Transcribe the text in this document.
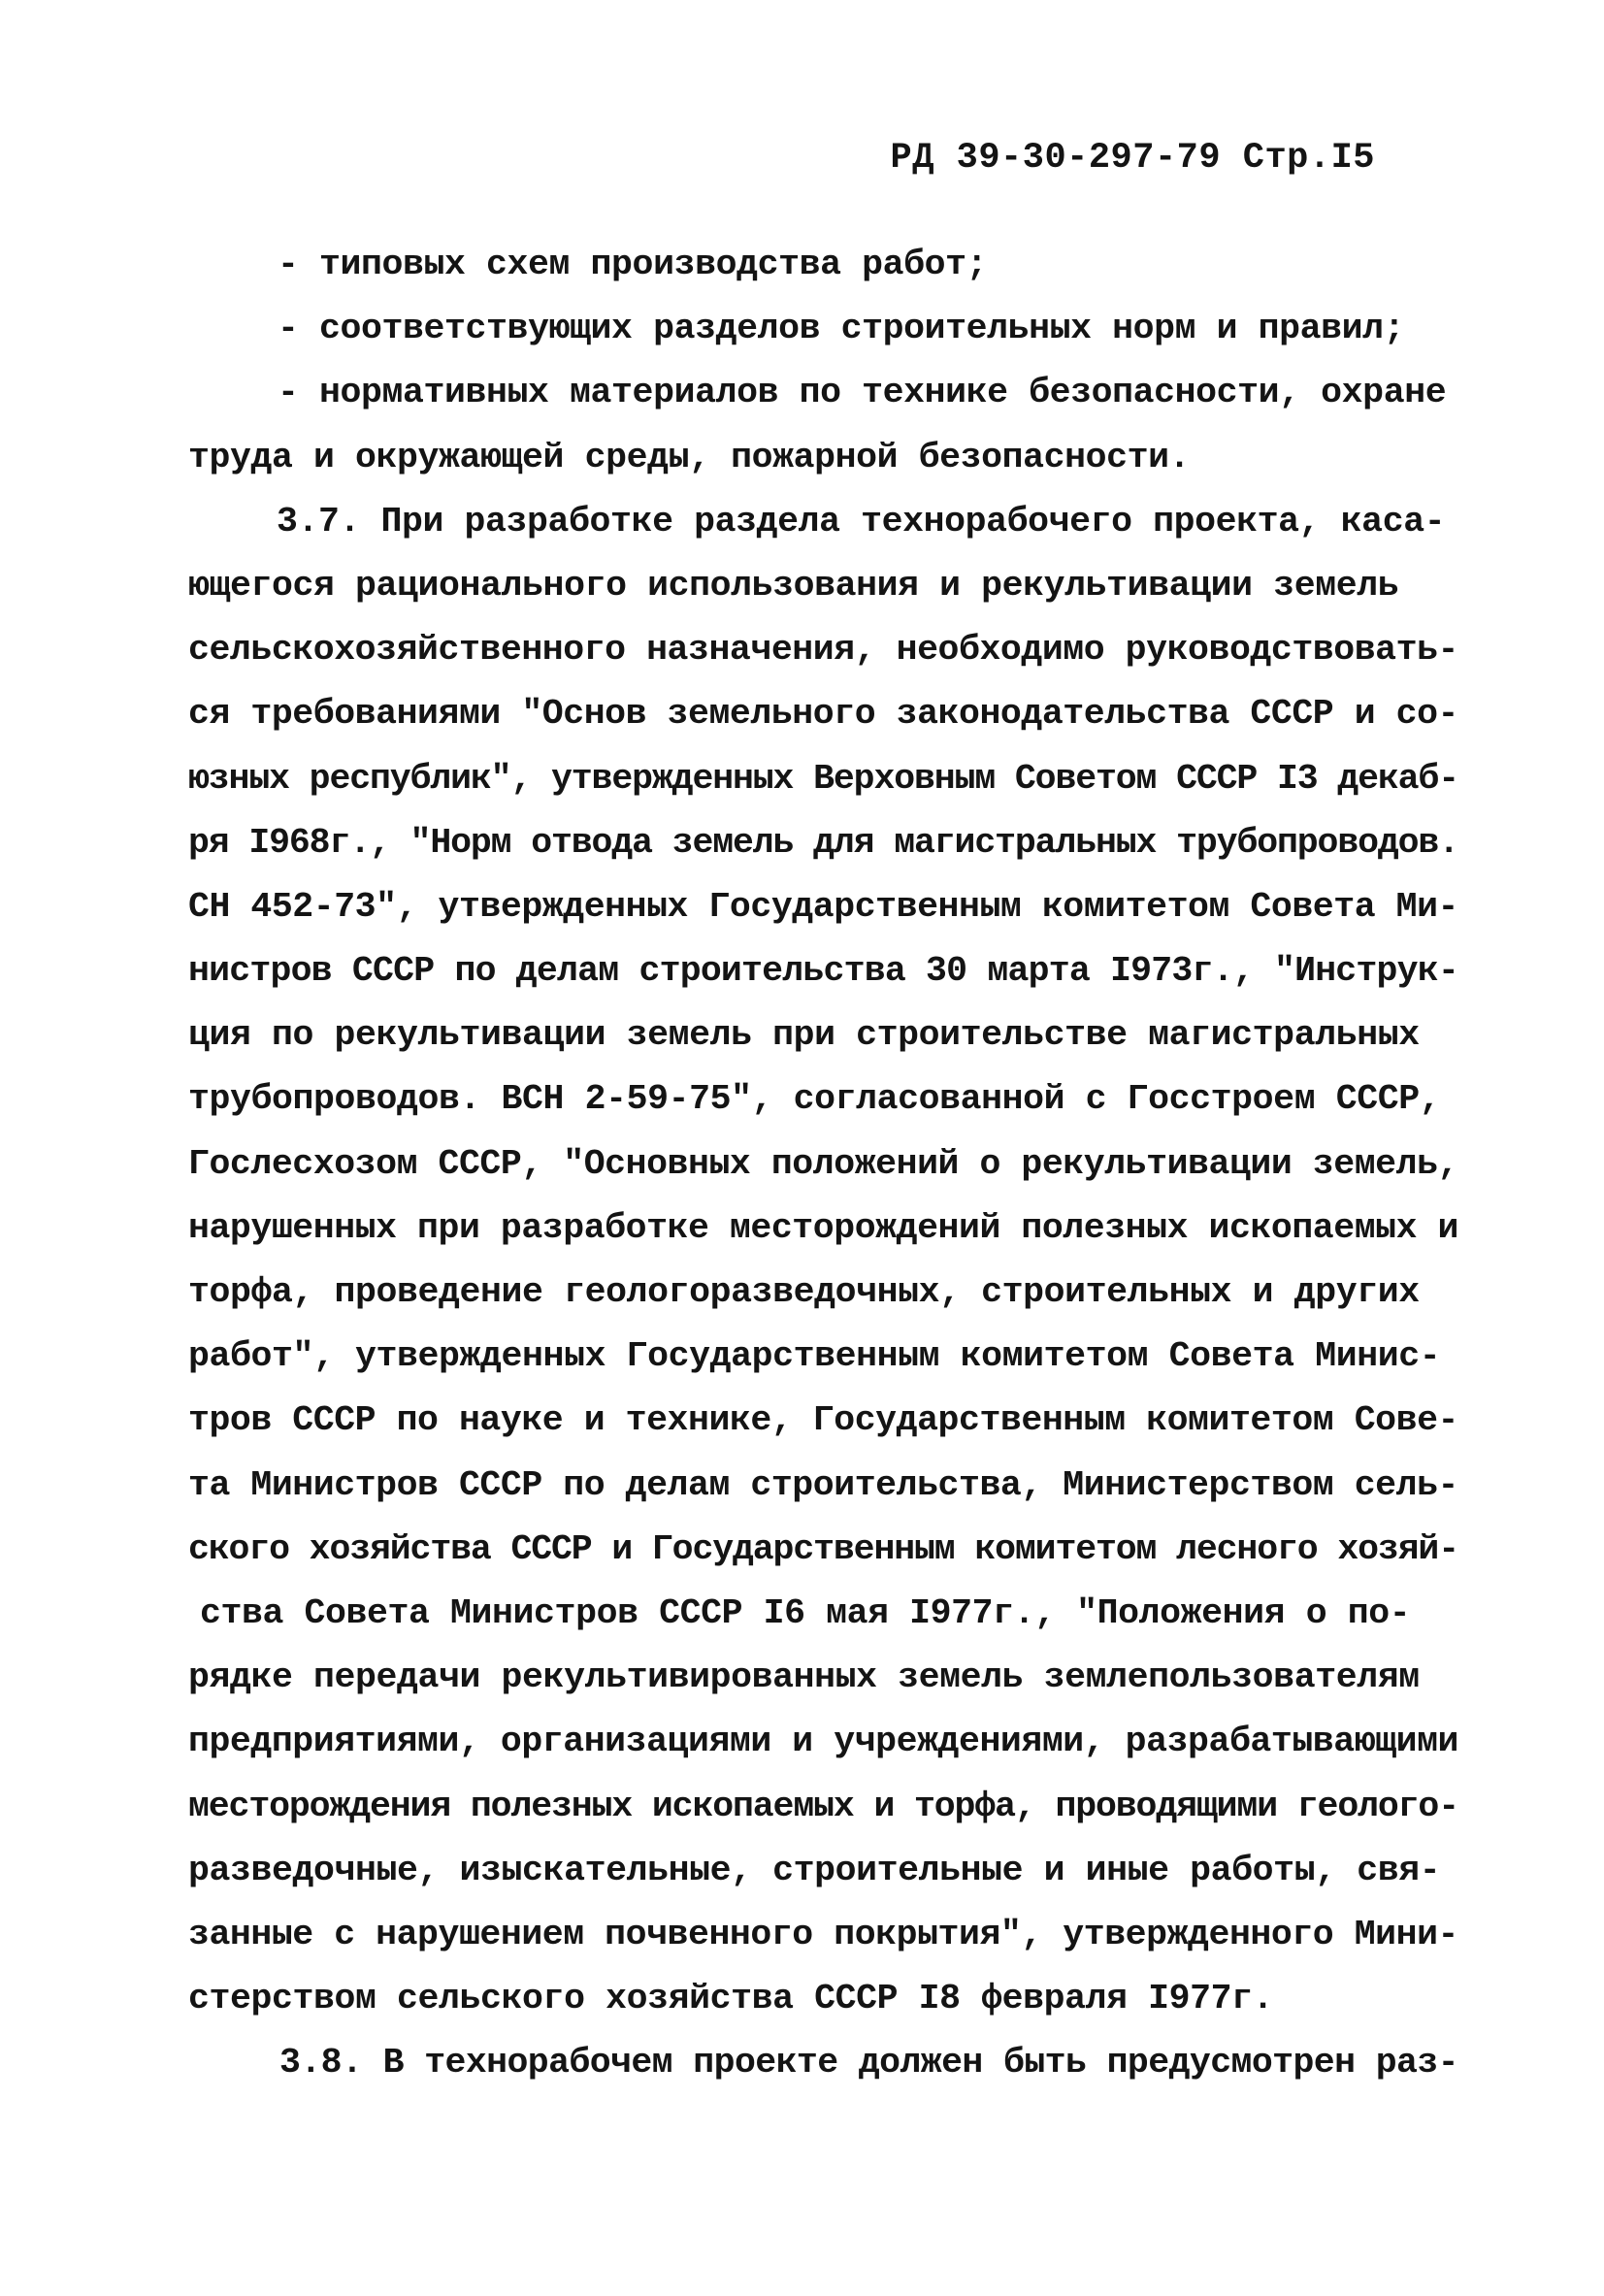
РД 39-30-297-79 Стр.I5
- типовых схем производства работ;
- соответствующих разделов строительных норм и правил;
- нормативных материалов по технике безопасности, охране
труда и окружающей среды, пожарной безопасности.
3.7. При разработке раздела технорабочего проекта, каса-
ющегося рационального использования и рекультивации земель
сельскохозяйственного назначения, необходимо руководствовать-
ся требованиями "Основ земельного законодательства СССР и со-
юзных республик", утвержденных Верховным Советом СССР I3 декаб-
ря I968г., "Норм отвода земель для магистральных трубопроводов.
СН 452-73", утвержденных Государственным комитетом Совета Ми-
нистров СССР по делам строительства 30 марта I973г., "Инструк-
ция по рекультивации земель при строительстве магистральных
трубопроводов. ВСН 2-59-75", согласованной с Госстроем СССР,
Гослесхозом СССР, "Основных положений о рекультивации земель,
нарушенных при разработке месторождений полезных ископаемых и
торфа, проведение геологоразведочных, строительных и других
работ", утвержденных Государственным комитетом Совета Минис-
тров СССР по науке и технике, Государственным комитетом Сове-
та Министров СССР по делам строительства, Министерством сель-
ского хозяйства СССР и Государственным комитетом лесного хозяй-
ства Совета Министров СССР I6 мая I977г., "Положения о по-
рядке передачи рекультивированных земель землепользователям
предприятиями, организациями и учреждениями, разрабатывающими
месторождения полезных ископаемых и торфа, проводящими геолого-
разведочные, изыскательные, строительные и иные работы, свя-
занные с нарушением почвенного покрытия", утвержденного Мини-
стерством сельского хозяйства СССР I8 февраля I977г.
3.8. В технорабочем проекте должен быть предусмотрен раз-
